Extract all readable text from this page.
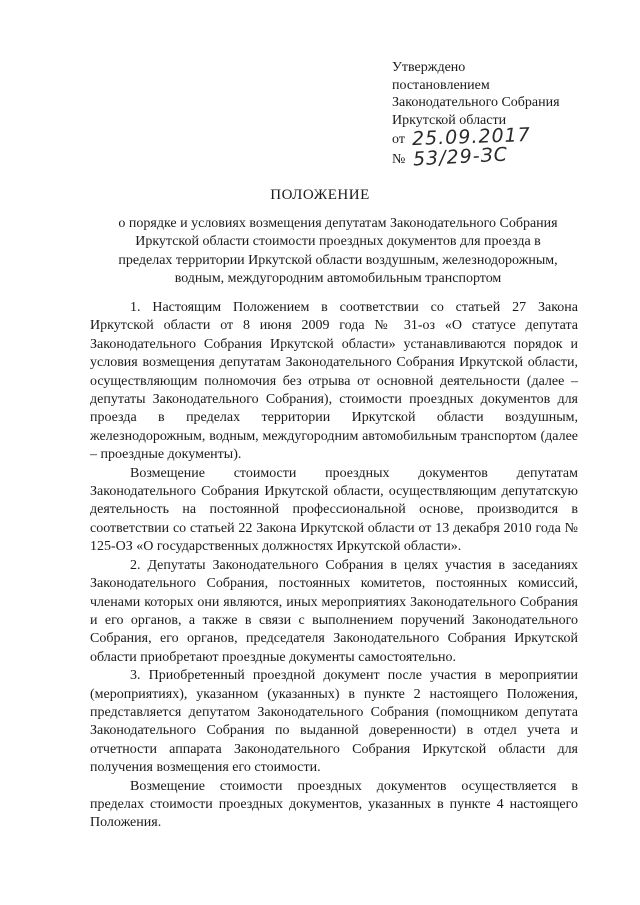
Утверждено
постановлением
Законодательного Собрания
Иркутской области
от 25.09.2017
№ 53/29-ЗС
ПОЛОЖЕНИЕ
о порядке и условиях возмещения депутатам Законодательного Собрания Иркутской области стоимости проездных документов для проезда в пределах территории Иркутской области воздушным, железнодорожным, водным, междугородним автомобильным транспортом

1. Настоящим Положением в соответствии со статьей 27 Закона Иркутской области от 8 июня 2009 года № 31-оз «О статусе депутата Законодательного Собрания Иркутской области» устанавливаются порядок и условия возмещения депутатам Законодательного Собрания Иркутской области, осуществляющим полномочия без отрыва от основной деятельности (далее – депутаты Законодательного Собрания), стоимости проездных документов для проезда в пределах территории Иркутской области воздушным, железнодорожным, водным, междугородним автомобильным транспортом (далее – проездные документы).

Возмещение стоимости проездных документов депутатам Законодательного Собрания Иркутской области, осуществляющим депутатскую деятельность на постоянной профессиональной основе, производится в соответствии со статьей 22 Закона Иркутской области от 13 декабря 2010 года № 125-ОЗ «О государственных должностях Иркутской области».

2. Депутаты Законодательного Собрания в целях участия в заседаниях Законодательного Собрания, постоянных комитетов, постоянных комиссий, членами которых они являются, иных мероприятиях Законодательного Собрания и его органов, а также в связи с выполнением поручений Законодательного Собрания, его органов, председателя Законодательного Собрания Иркутской области приобретают проездные документы самостоятельно.

3. Приобретенный проездной документ после участия в мероприятии (мероприятиях), указанном (указанных) в пункте 2 настоящего Положения, представляется депутатом Законодательного Собрания (помощником депутата Законодательного Собрания по выданной доверенности) в отдел учета и отчетности аппарата Законодательного Собрания Иркутской области для получения возмещения его стоимости.

Возмещение стоимости проездных документов осуществляется в пределах стоимости проездных документов, указанных в пункте 4 настоящего Положения.
